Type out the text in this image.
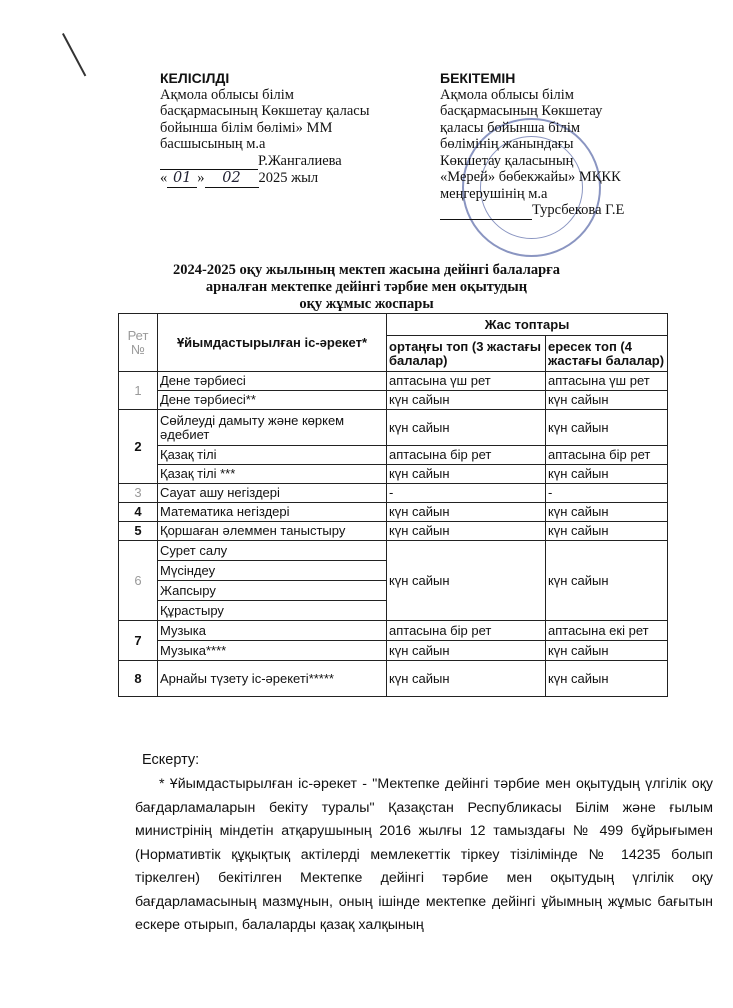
КЕЛІСІЛДІ
Ақмола облысы білім
басқармасының Көкшетау қаласы
бойынша білім бөлімі» ММ
басшысының м.а
Р.Жангалиева
« 01 » 02 2025 жыл
БЕКІТЕМІН
Ақмола облысы білім
басқармасының Көкшетау
қаласы бойынша білім
бөлімінің жанындағы
Көкшетау қаласының
«Мерей» бөбекжайы» МҚКК
меңгерушінің м.а
Турсбекова Г.Е
2024-2025 оқу жылының мектеп жасына дейінгі балаларға
арналған мектепке дейінгі тәрбие мен оқытудың
оқу жұмыс жоспары
Рет №	Ұйымдастырылған іс-әрекет*	Жас топтары	
		ортаңғы топ (3 жастағы балалар)	ересек топ (4 жастағы балалар)
1	Дене тәрбиесі	аптасына үш рет	аптасына үш рет
	Дене тәрбиесі**	күн сайын	күн сайын
2	Сөйлеуді дамыту және көркем әдебиет	күн сайын	күн сайын
	Қазақ тілі	аптасына бір рет	аптасына бір рет
	Қазақ тілі ***	күн сайын	күн сайын
3	Сауат ашу негіздері	-	-
4	Математика негіздері	күн сайын	күн сайын
5	Қоршаған әлеммен таныстыру	күн сайын	күн сайын
6	Сурет салу	күн сайын	күн сайын
	Мүсіндеу		
	Жапсыру		
	Құрастыру		
7	Музыка	аптасына бір рет	аптасына екі рет
	Музыка****	күн сайын	күн сайын
8	Арнайы түзету іс-әрекеті*****	күн сайын	күн сайын
Ескерту:
* Ұйымдастырылған іс-әрекет - "Мектепке дейінгі тәрбие мен оқытудың үлгілік оқу бағдарламаларын бекіту туралы" Қазақстан Республикасы Білім және ғылым министрінің міндетін атқарушының 2016 жылғы 12 тамыздағы № 499 бұйрығымен (Нормативтік құқықтық актілерді мемлекеттік тіркеу тізілімінде № 14235 болып тіркелген) бекітілген Мектепке дейінгі тәрбие мен оқытудың үлгілік оқу бағдарламасының мазмұнын, оның ішінде мектепке дейінгі ұйымның жұмыс бағытын ескере отырып, балаларды қазақ халқының
